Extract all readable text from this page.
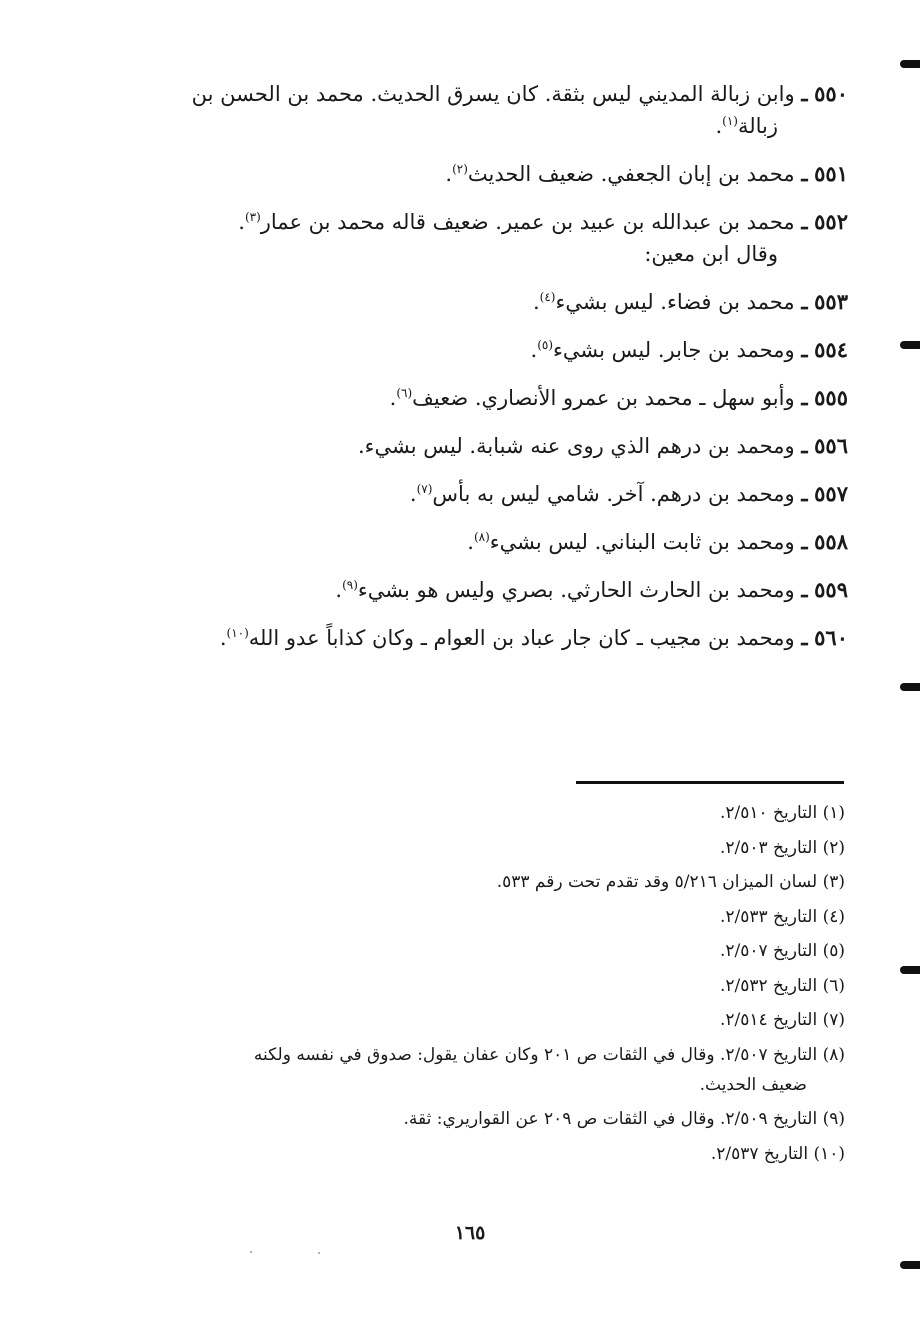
٥٥٠ ـ وابن زبالة المديني ليس بثقة. كان يسرق الحديث. محمد بن الحسن بن
زبالة$^{(١)}$.
٥٥١ ـ محمد بن إبان الجعفي. ضعيف الحديث$^{(٢)}$.
٥٥٢ ـ محمد بن عبدالله بن عبيد بن عمير. ضعيف قاله محمد بن عمار$^{(٣)}$.
وقال ابن معين:
٥٥٣ ـ محمد بن فضاء. ليس بشيء$^{(٤)}$.
٥٥٤ ـ ومحمد بن جابر. ليس بشيء$^{(٥)}$.
٥٥٥ ـ وأبو سهل ـ محمد بن عمرو الأنصاري. ضعيف$^{(٦)}$.
٥٥٦ ـ ومحمد بن درهم الذي روى عنه شبابة. ليس بشيء.
٥٥٧ ـ ومحمد بن درهم. آخر. شامي ليس به بأس$^{(٧)}$.
٥٥٨ ـ ومحمد بن ثابت البناني. ليس بشيء$^{(٨)}$.
٥٥٩ ـ ومحمد بن الحارث الحارثي. بصري وليس هو بشيء$^{(٩)}$.
٥٦٠ ـ ومحمد بن مجيب ـ كان جار عباد بن العوام ـ وكان كذاباً عدو الله$^{(١٠)}$.
(١) التاريخ ٢/٥١٠.
(٢) التاريخ ٢/٥٠٣.
(٣) لسان الميزان ٥/٢١٦ وقد تقدم تحت رقم ٥٣٣.
(٤) التاريخ ٢/٥٣٣.
(٥) التاريخ ٢/٥٠٧.
(٦) التاريخ ٢/٥٣٢.
(٧) التاريخ ٢/٥١٤.
(٨) التاريخ ٢/٥٠٧. وقال في الثقات ص ٢٠١ وكان عفان يقول: صدوق في نفسه ولكنه
ضعيف الحديث.
(٩) التاريخ ٢/٥٠٩. وقال في الثقات ص ٢٠٩ عن القواريري: ثقة.
(١٠) التاريخ ٢/٥٣٧.
١٦٥
